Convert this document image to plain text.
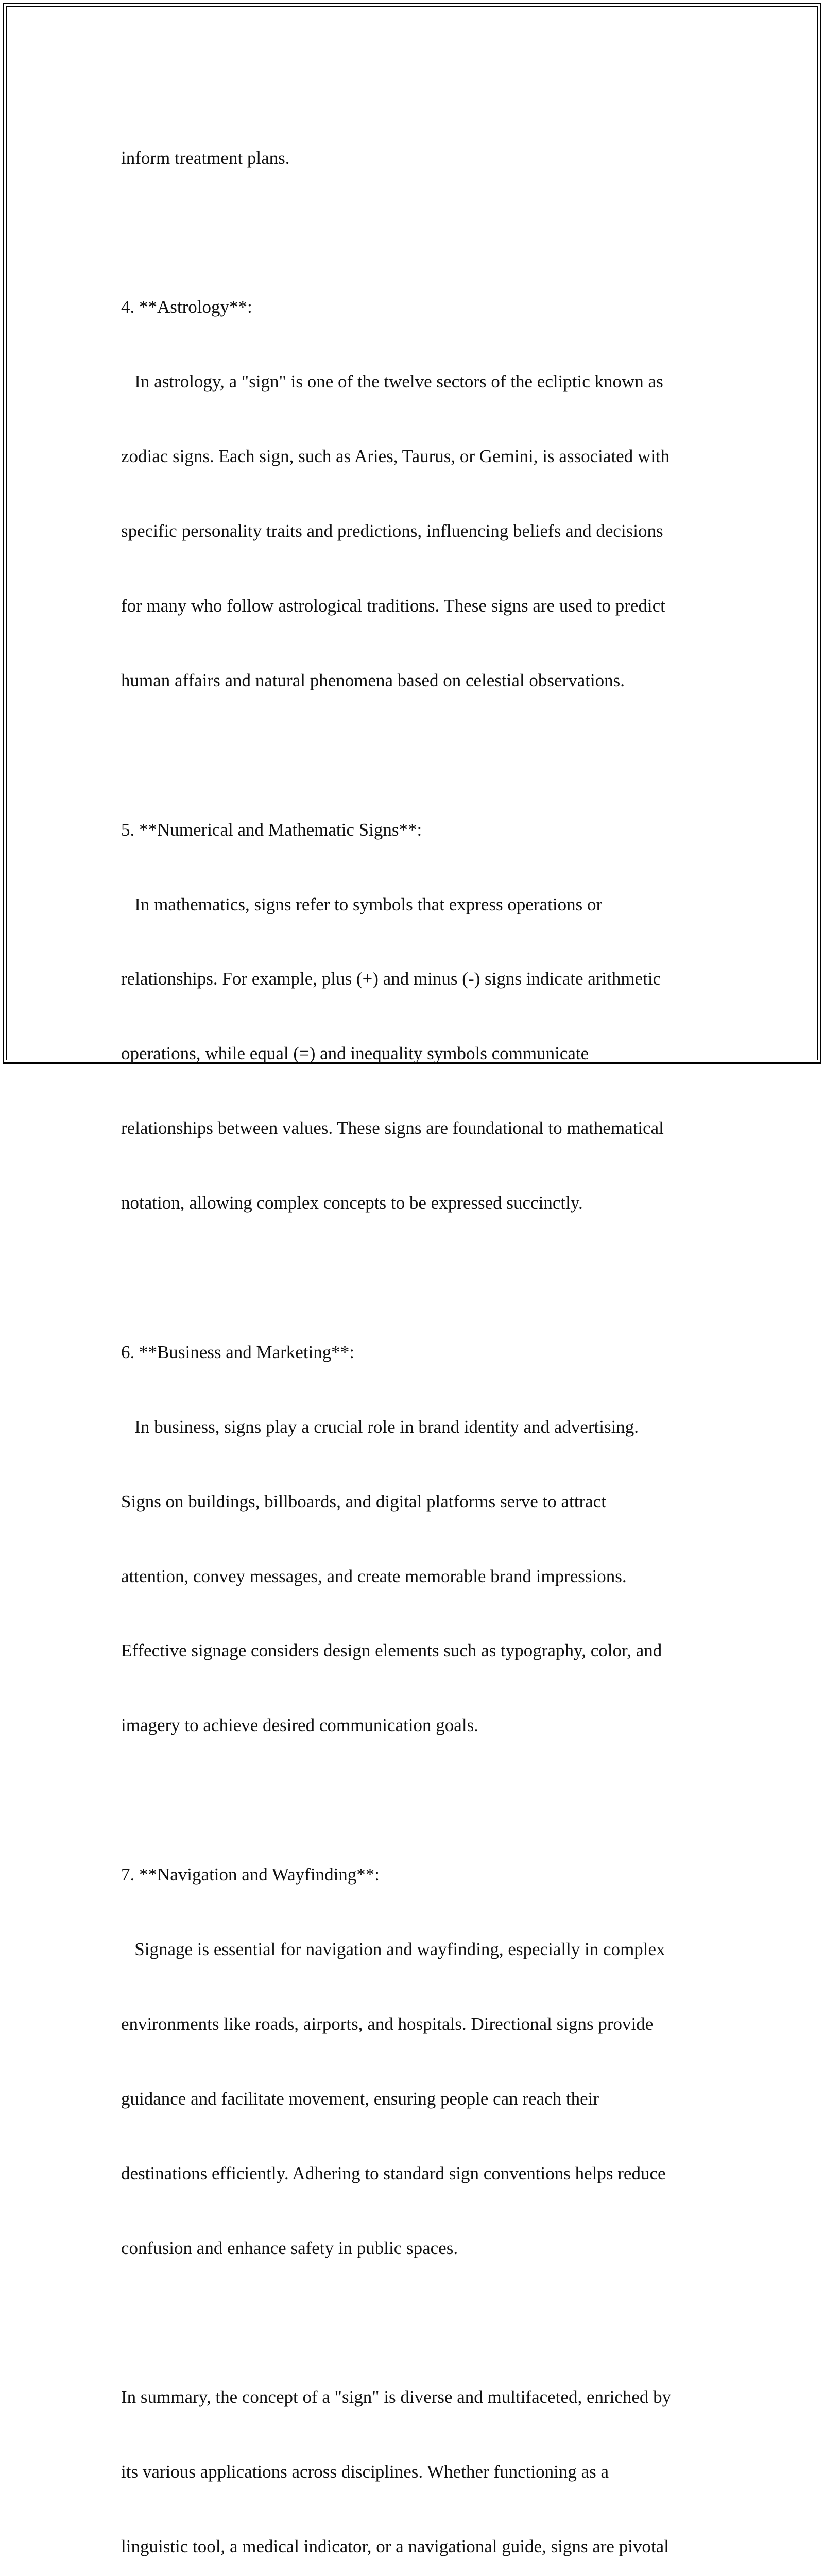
inform treatment plans.

4. **Astrology**:

In astrology, a "sign" is one of the twelve sectors of the ecliptic known as

zodiac signs. Each sign, such as Aries, Taurus, or Gemini, is associated with

specific personality traits and predictions, influencing beliefs and decisions

for many who follow astrological traditions. These signs are used to predict

human affairs and natural phenomena based on celestial observations.

5. **Numerical and Mathematic Signs**:

In mathematics, signs refer to symbols that express operations or

relationships. For example, plus (+) and minus (-) signs indicate arithmetic

operations, while equal (=) and inequality symbols communicate

relationships between values. These signs are foundational to mathematical

notation, allowing complex concepts to be expressed succinctly.

6. **Business and Marketing**:

In business, signs play a crucial role in brand identity and advertising.

Signs on buildings, billboards, and digital platforms serve to attract

attention, convey messages, and create memorable brand impressions.

Effective signage considers design elements such as typography, color, and

imagery to achieve desired communication goals.

7. **Navigation and Wayfinding**:

Signage is essential for navigation and wayfinding, especially in complex

environments like roads, airports, and hospitals. Directional signs provide

guidance and facilitate movement, ensuring people can reach their

destinations efficiently. Adhering to standard sign conventions helps reduce

confusion and enhance safety in public spaces.

In summary, the concept of a "sign" is diverse and multifaceted, enriched by

its various applications across disciplines. Whether functioning as a

linguistic tool, a medical indicator, or a navigational guide, signs are pivotal
